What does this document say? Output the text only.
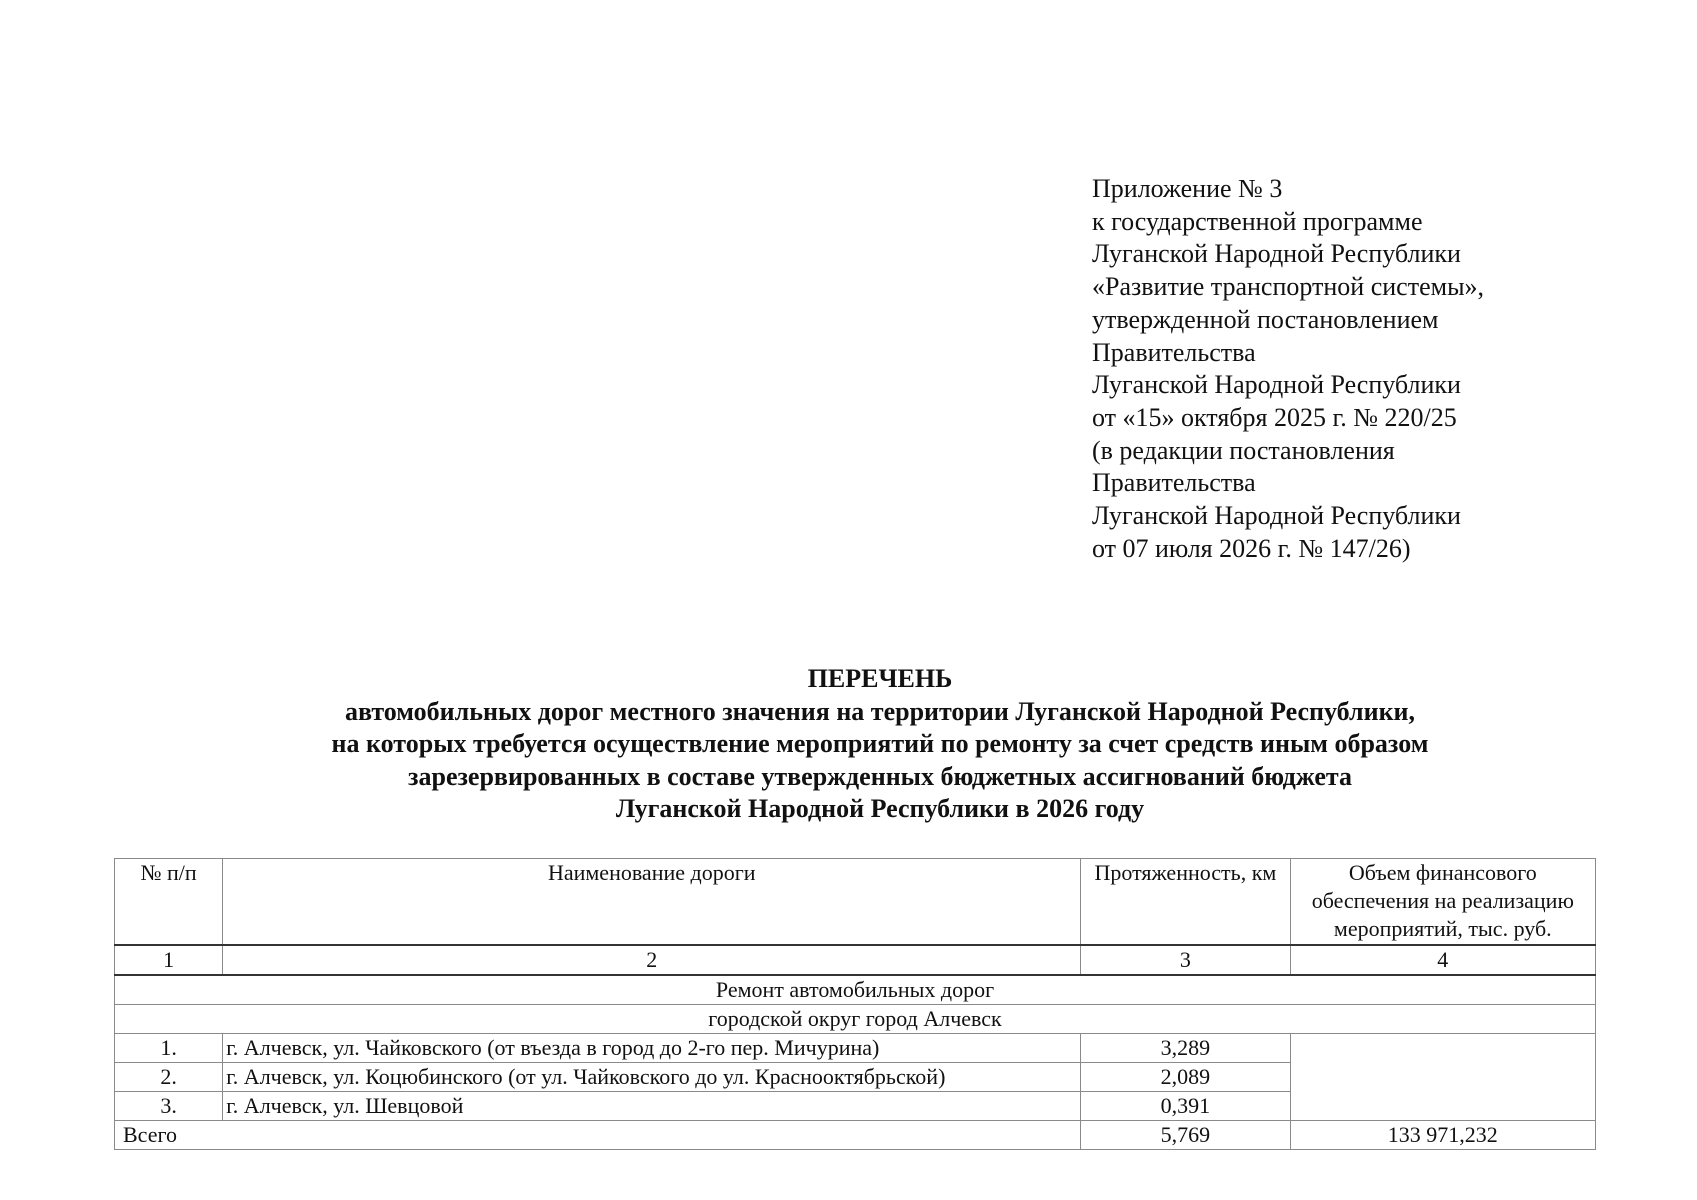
Приложение № 3
к государственной программе
Луганской Народной Республики
«Развитие транспортной системы»,
утвержденной постановлением
Правительства
Луганской Народной Республики
от «15» октября 2025 г. № 220/25
(в редакции постановления
Правительства
Луганской Народной Республики
от 07 июля 2026 г. № 147/26)
ПЕРЕЧЕНЬ
автомобильных дорог местного значения на территории Луганской Народной Республики,
на которых требуется осуществление мероприятий по ремонту за счет средств иным образом
зарезервированных в составе утвержденных бюджетных ассигнований бюджета
Луганской Народной Республики в 2026 году
№ п/п	Наименование дороги	Протяженность, км	Объем финансового обеспечения на реализацию мероприятий, тыс. руб.
1	2	3	4
Ремонт автомобильных дорог			
городской округ город Алчевск			
1.	г. Алчевск, ул. Чайковского (от въезда в город до 2-го пер. Мичурина)	3,289	
2.	г. Алчевск, ул. Коцюбинского (от ул. Чайковского до ул. Краснооктябрьской)	2,089	
3.	г. Алчевск, ул. Шевцовой	0,391	
Всего		5,769	133 971,232
